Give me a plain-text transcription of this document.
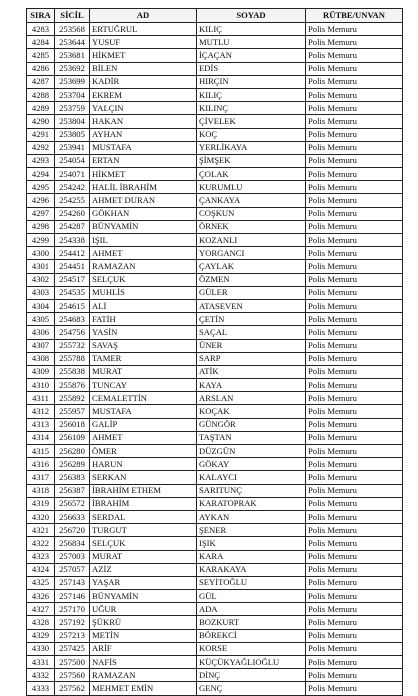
SIRA	SİCİL	AD	SOYAD	RÜTBE/UNVAN
4283	253568	ERTUĞRUL	KILIÇ	Polis Memuru
4284	253644	YUSUF	MUTLU	Polis Memuru
4285	253681	HİKMET	İÇAÇAN	Polis Memuru
4286	253692	BİLEN	EDİS	Polis Memuru
4287	253699	KADİR	HIRÇIN	Polis Memuru
4288	253704	EKREM	KILIÇ	Polis Memuru
4289	253759	YALÇIN	KILINÇ	Polis Memuru
4290	253804	HAKAN	ÇİVELEK	Polis Memuru
4291	253805	AYHAN	KOÇ	Polis Memuru
4292	253941	MUSTAFA	YERLİKAYA	Polis Memuru
4293	254054	ERTAN	ŞİMŞEK	Polis Memuru
4294	254071	HİKMET	ÇOLAK	Polis Memuru
4295	254242	HALİL İBRAHİM	KURUMLU	Polis Memuru
4296	254255	AHMET DURAN	ÇANKAYA	Polis Memuru
4297	254260	GÖKHAN	COŞKUN	Polis Memuru
4298	254287	BÜNYAMİN	ÖRNEK	Polis Memuru
4299	254338	IŞIL	KOZANLI	Polis Memuru
4300	254412	AHMET	YORGANCI	Polis Memuru
4301	254451	RAMAZAN	ÇAYLAK	Polis Memuru
4302	254517	SELÇUK	ÖZMEN	Polis Memuru
4303	254535	MUHLİS	GÜLER	Polis Memuru
4304	254615	ALİ	ATASEVEN	Polis Memuru
4305	254683	FATİH	ÇETİN	Polis Memuru
4306	254756	YASİN	SAÇAL	Polis Memuru
4307	255732	SAVAŞ	ÜNER	Polis Memuru
4308	255788	TAMER	SARP	Polis Memuru
4309	255838	MURAT	ATİK	Polis Memuru
4310	255876	TUNCAY	KAYA	Polis Memuru
4311	255892	CEMALETTİN	ARSLAN	Polis Memuru
4312	255957	MUSTAFA	KOÇAK	Polis Memuru
4313	256018	GALİP	GÜNGÖR	Polis Memuru
4314	256109	AHMET	TAŞTAN	Polis Memuru
4315	256280	ÖMER	DÜZGÜN	Polis Memuru
4316	256289	HARUN	GÖKAY	Polis Memuru
4317	256383	SERKAN	KALAYCI	Polis Memuru
4318	256387	İBRAHİM ETHEM	SARITUNÇ	Polis Memuru
4319	256572	İBRAHİM	KARATOPRAK	Polis Memuru
4320	256633	SERDAL	AYKAN	Polis Memuru
4321	256720	TURGUT	ŞENER	Polis Memuru
4322	256834	SELÇUK	IŞIK	Polis Memuru
4323	257003	MURAT	KARA	Polis Memuru
4324	257057	AZİZ	KARAKAYA	Polis Memuru
4325	257143	YAŞAR	SEYİTOĞLU	Polis Memuru
4326	257146	BÜNYAMİN	GÜL	Polis Memuru
4327	257170	UĞUR	ADA	Polis Memuru
4328	257192	ŞÜKRÜ	BOZKURT	Polis Memuru
4329	257213	METİN	BÖREKCİ	Polis Memuru
4330	257425	ARİF	KORSE	Polis Memuru
4331	257500	NAFİS	KÜÇÜKYAĞLIOĞLU	Polis Memuru
4332	257560	RAMAZAN	DİNÇ	Polis Memuru
4333	257562	MEHMET EMİN	GENÇ	Polis Memuru
